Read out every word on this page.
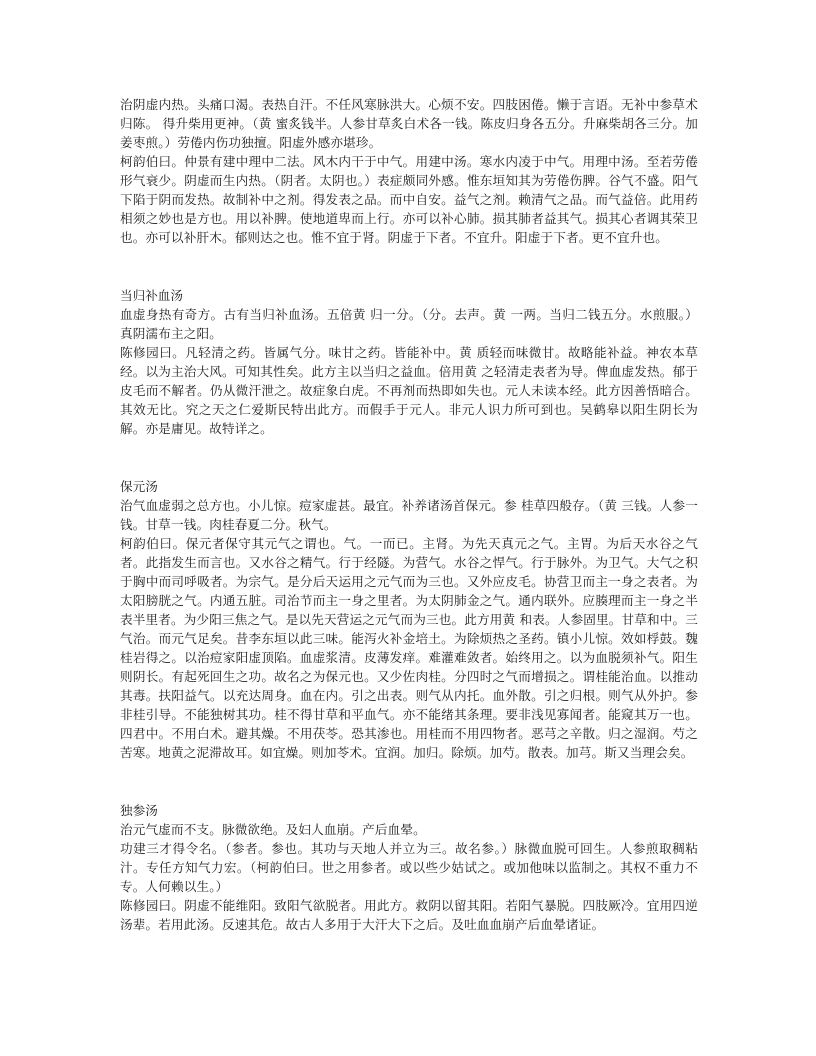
治阴虚内热。头痛口渴。表热自汗。不任风寒脉洪大。心烦不安。四肢困倦。懒于言语。无补中参草术归陈。 得升柴用更神。（黄 蜜炙钱半。人参甘草炙白术各一钱。陈皮归身各五分。升麻柴胡各三分。加姜枣煎。）劳倦内伤功独擅。阳虚外感亦堪珍。

柯韵伯曰。仲景有建中理中二法。风木内干于中气。用建中汤。寒水内凌于中气。用理中汤。至若劳倦形气衰少。阴虚而生内热。（阴者。太阴也。）表症颇同外感。惟东垣知其为劳倦伤脾。谷气不盛。阳气下陷于阴而发热。故制补中之剂。得发表之品。而中自安。益气之剂。赖清气之品。而气益倍。此用药相须之妙也是方也。用以补脾。使地道卑而上行。亦可以补心肺。损其肺者益其气。损其心者调其荣卫也。亦可以补肝木。郁则达之也。惟不宜于肾。阴虚于下者。不宜升。阳虚于下者。更不宜升也。

当归补血汤

血虚身热有奇方。古有当归补血汤。五倍黄 归一分。（分。去声。黄 一两。当归二钱五分。水煎服。）真阴濡布主之阳。

陈修园曰。凡轻清之药。皆属气分。味甘之药。皆能补中。黄 质轻而味微甘。故略能补益。神农本草经。以为主治大风。可知其性矣。此方主以当归之益血。倍用黄 之轻清走表者为导。俾血虚发热。郁于皮毛而不解者。仍从微汗泄之。故症象白虎。不再剂而热即如失也。元人未读本经。此方因善悟暗合。其效无比。究之天之仁爱斯民特出此方。而假手于元人。非元人识力所可到也。吴鹤皋以阳生阴长为解。亦是庸见。故特详之。

保元汤

治气血虚弱之总方也。小儿惊。痘家虚甚。最宜。补养诸汤首保元。参 桂草四般存。（黄 三钱。人参一钱。甘草一钱。肉桂春夏二分。秋气。

柯韵伯曰。保元者保守其元气之谓也。气。一而已。主肾。为先天真元之气。主胃。为后天水谷之气者。此指发生而言也。又水谷之精气。行于经隧。为营气。水谷之悍气。行于脉外。为卫气。大气之积于胸中而司呼吸者。为宗气。是分后天运用之元气而为三也。又外应皮毛。协营卫而主一身之表者。为太阳膀胱之气。内通五脏。司治节而主一身之里者。为太阴肺金之气。通内联外。应腠理而主一身之半表半里者。为少阳三焦之气。是以先天营运之元气而为三也。此方用黄 和表。人参固里。甘草和中。三气治。而元气足矣。昔李东垣以此三味。能泻火补金培土。为除烦热之圣药。镇小儿惊。效如桴鼓。魏桂岩得之。以治痘家阳虚顶陷。血虚浆清。皮薄发痒。难灌难敛者。始终用之。以为血脱须补气。阳生则阴长。有起死回生之功。故名之为保元也。又少佐肉桂。分四时之气而增损之。谓桂能治血。以推动其毒。扶阳益气。以充达周身。血在内。引之出表。则气从内托。血外散。引之归根。则气从外护。参 非桂引导。不能独树其功。桂不得甘草和平血气。亦不能绪其条理。要非浅见寡闻者。能窥其万一也。四君中。不用白术。避其燥。不用茯苓。恐其渗也。用桂而不用四物者。恶芎之辛散。归之湿润。芍之苦寒。地黄之泥滞故耳。如宜燥。则加苓术。宜润。加归。除烦。加芍。散表。加芎。斯又当理会矣。

独参汤

治元气虚而不支。脉微欲绝。及妇人血崩。产后血晕。

功建三才得令名。（参者。参也。其功与天地人并立为三。故名参。）脉微血脱可回生。人参煎取稠粘汁。专任方知气力宏。（柯韵伯曰。世之用参者。或以些少姑试之。或加他味以监制之。其权不重力不专。人何赖以生。）

陈修园曰。阴虚不能维阳。致阳气欲脱者。用此方。救阴以留其阳。若阳气暴脱。四肢厥冷。宜用四逆汤辈。若用此汤。反速其危。故古人多用于大汗大下之后。及吐血血崩产后血晕诸证。
